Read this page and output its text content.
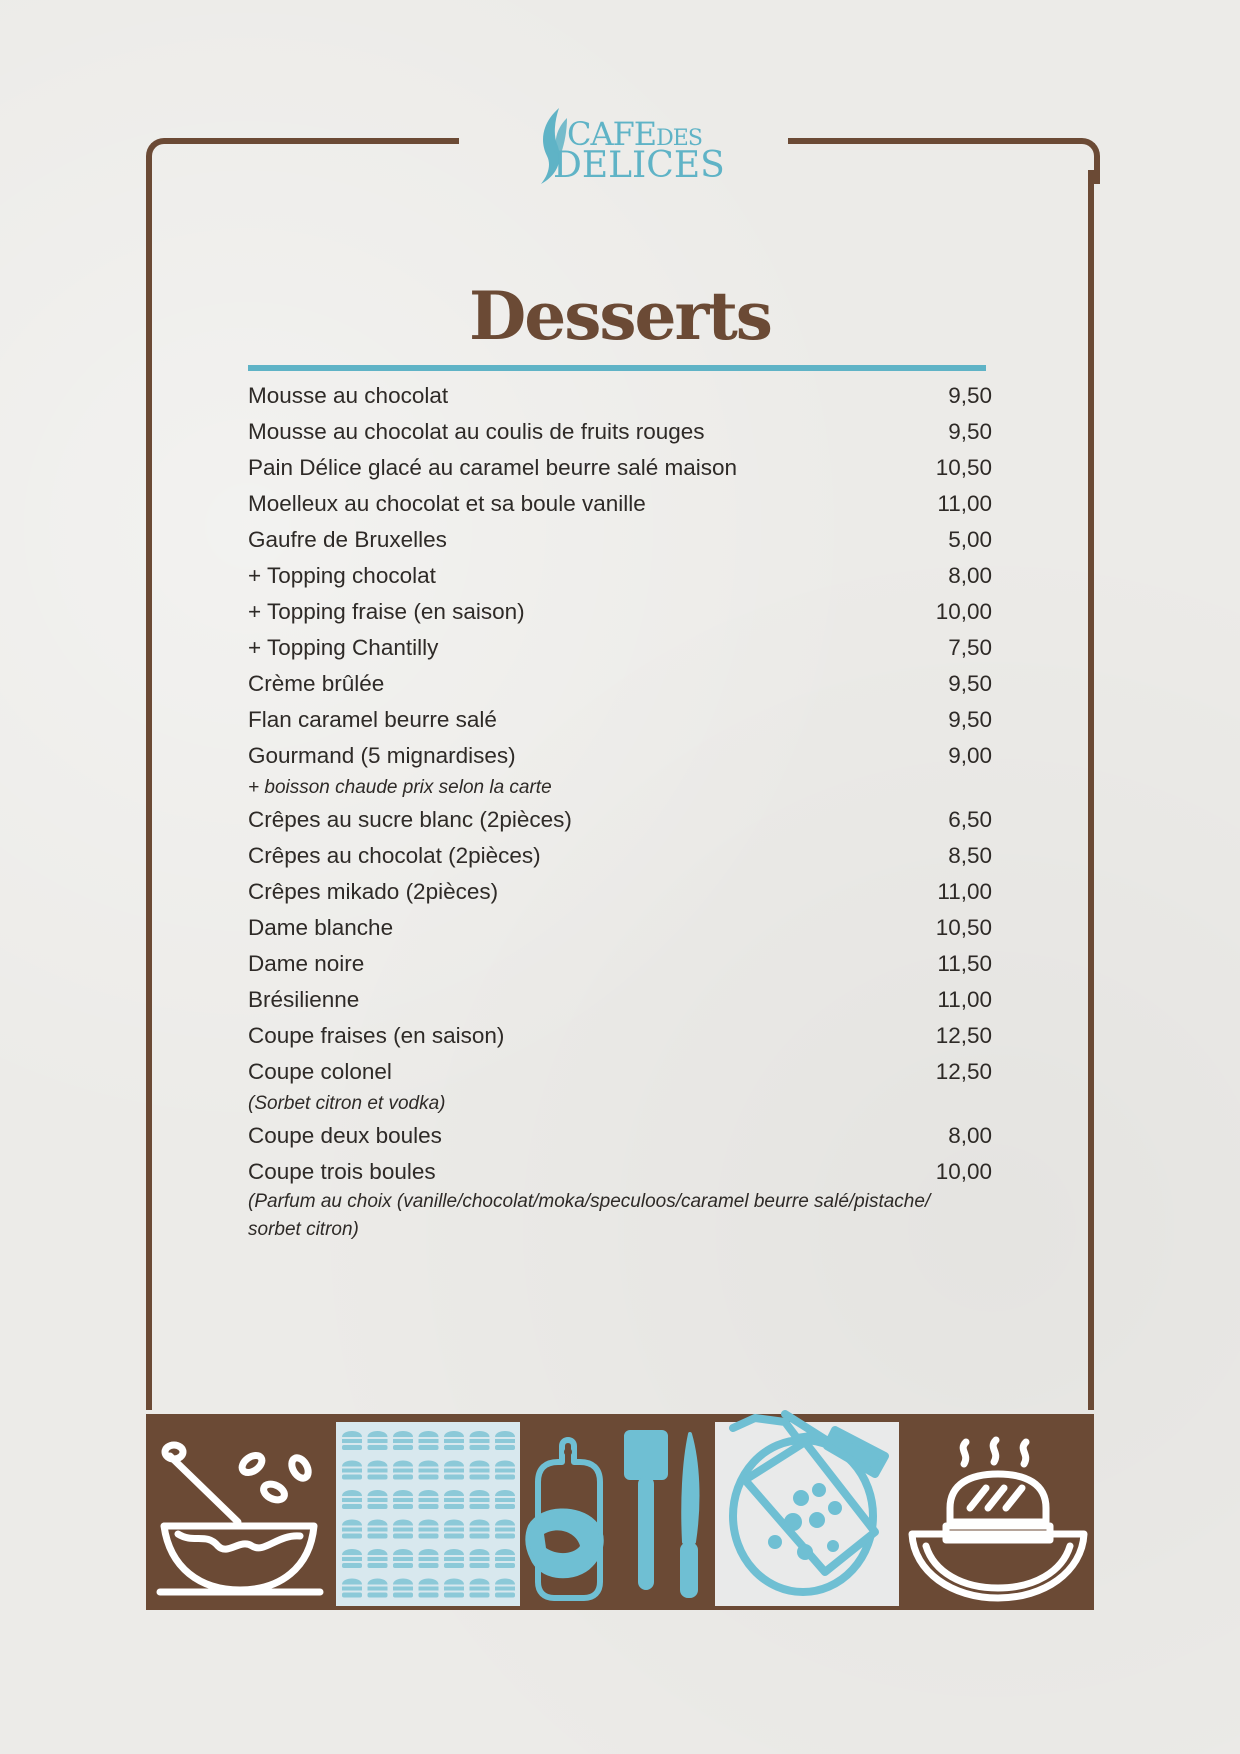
CAFEDES
DELICES
Desserts
Mousse au chocolat	9,50
Mousse au chocolat au coulis de fruits rouges	9,50
Pain Délice glacé au caramel beurre salé maison	10,50
Moelleux au chocolat et sa boule vanille	11,00
Gaufre de Bruxelles	5,00
+ Topping chocolat	8,00
+ Topping fraise (en saison)	10,00
+ Topping Chantilly	7,50
Crème brûlée	9,50
Flan caramel beurre salé	9,50
Gourmand (5 mignardises)	9,00
+ boisson chaude prix selon la carte
Crêpes au sucre blanc (2pièces)	6,50
Crêpes au chocolat (2pièces)	8,50
Crêpes mikado (2pièces)	11,00
Dame blanche	10,50
Dame noire	11,50
Brésilienne	11,00
Coupe fraises (en saison)	12,50
Coupe colonel	12,50
(Sorbet citron et vodka)
Coupe deux boules	8,00
Coupe trois boules	10,00
(Parfum au choix (vanille/chocolat/moka/speculoos/caramel beurre salé/pistache/ sorbet citron)
